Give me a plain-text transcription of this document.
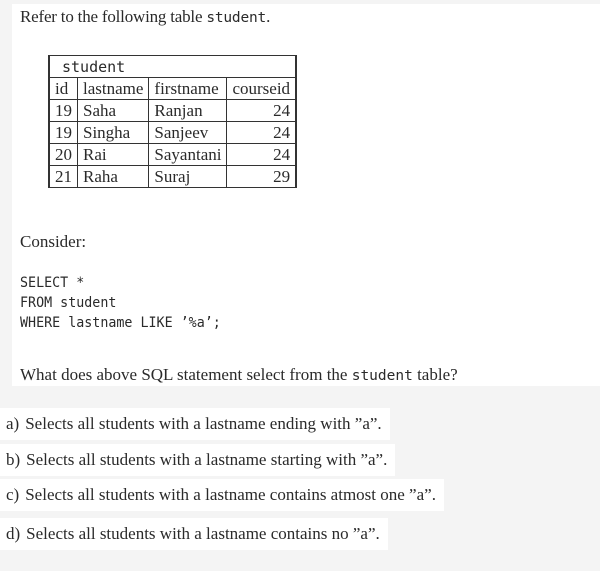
Refer to the following table student.
student			
id	lastname	firstname	courseid
19	Saha	Ranjan	24
19	Singha	Sanjeev	24
20	Rai	Sayantani	24
21	Raha	Suraj	29
Consider:
SELECT *
FROM student
WHERE lastname LIKE ’%a’;
What does above SQL statement select from the student table?
a) Selects all students with a lastname ending with ”a”.
b) Selects all students with a lastname starting with ”a”.
c) Selects all students with a lastname contains atmost one ”a”.
d) Selects all students with a lastname contains no ”a”.
